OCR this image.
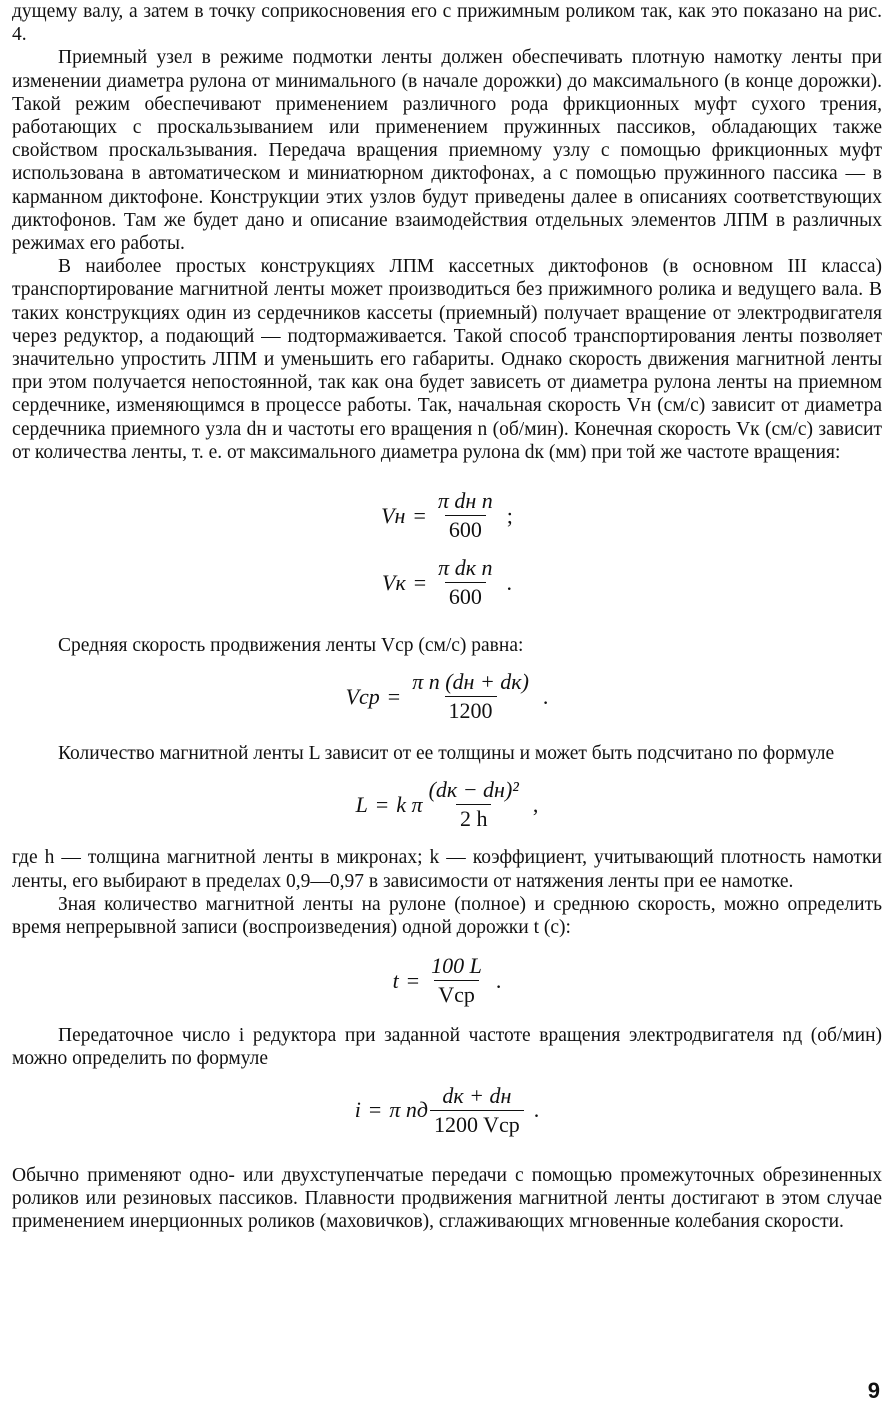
дущему валу, а затем в точку соприкосновения его с прижимным роликом так, как это показано на рис. 4.

Приемный узел в режиме подмотки ленты должен обеспечивать плотную намотку ленты при изменении диаметра рулона от минимального (в начале дорожки) до максимального (в конце дорожки). Такой режим обеспечивают применением различного рода фрикционных муфт сухого трения, работающих с проскальзыванием или применением пружинных пассиков, обладающих также свойством проскальзывания. Передача вращения приемному узлу с помощью фрикционных муфт использована в автоматическом и миниатюрном диктофонах, а с помощью пружинного пассика — в карманном диктофоне. Конструкции этих узлов будут приведены далее в описаниях соответствующих диктофонов. Там же будет дано и описание взаимодействия отдельных элементов ЛПМ в различных режимах его работы.

В наиболее простых конструкциях ЛПМ кассетных диктофонов (в основном III класса) транспортирование магнитной ленты может производиться без прижимного ролика и ведущего вала. В таких конструкциях один из сердечников кассеты (приемный) получает вращение от электродвигателя через редуктор, а подающий — подтормаживается. Такой способ транспортирования ленты позволяет значительно упростить ЛПМ и уменьшить его габариты. Однако скорость движения магнитной ленты при этом получается непостоянной, так как она будет зависеть от диаметра рулона ленты на приемном сердечнике, изменяющимся в процессе работы. Так, начальная скорость Vн (см/с) зависит от диаметра сердечника приемного узла dн и частоты его вращения n (об/мин). Конечная скорость Vк (см/с) зависит от количества ленты, т. е. от максимального диаметра рулона dк (мм) при той же частоте вращения:

Vн = $\frac{\text{π dн n}}{600}$ ;
Vк = $\frac{\text{π dк n}}{600}$ .

Средняя скорость продвижения ленты Vср (см/с) равна:

Vср = $\frac{\text{π n (dн + dк)}}{1200}$ .

Количество магнитной ленты L зависит от ее толщины и может быть подсчитано по формуле

L = k π $\frac{\text{(dк − dн)²}}{2 h}$ ,

где h — толщина магнитной ленты в микронах; k — коэффициент, учитывающий плотность намотки ленты, его выбирают в пределах 0,9—0,97 в зависимости от натяжения ленты при ее намотке.

Зная количество магнитной ленты на рулоне (полное) и среднюю скорость, можно определить время непрерывной записи (воспроизведения) одной дорожки t (с):

$t = \frac{100 L}{\text{Vср}}$ .

Передаточное число i редуктора при заданной частоте вращения электродвигателя nд (об/мин) можно определить по формуле

i = π nд $\frac{dк + dн}{\text{1200 Vср}}$ .

Обычно применяют одно- или двухступенчатые передачи с помощью промежуточных обрезиненных роликов или резиновых пассиков. Плавности продвижения магнитной ленты достигают в этом случае применением инерционных роликов (маховичков), сглаживающих мгновенные колебания скорости.

9
